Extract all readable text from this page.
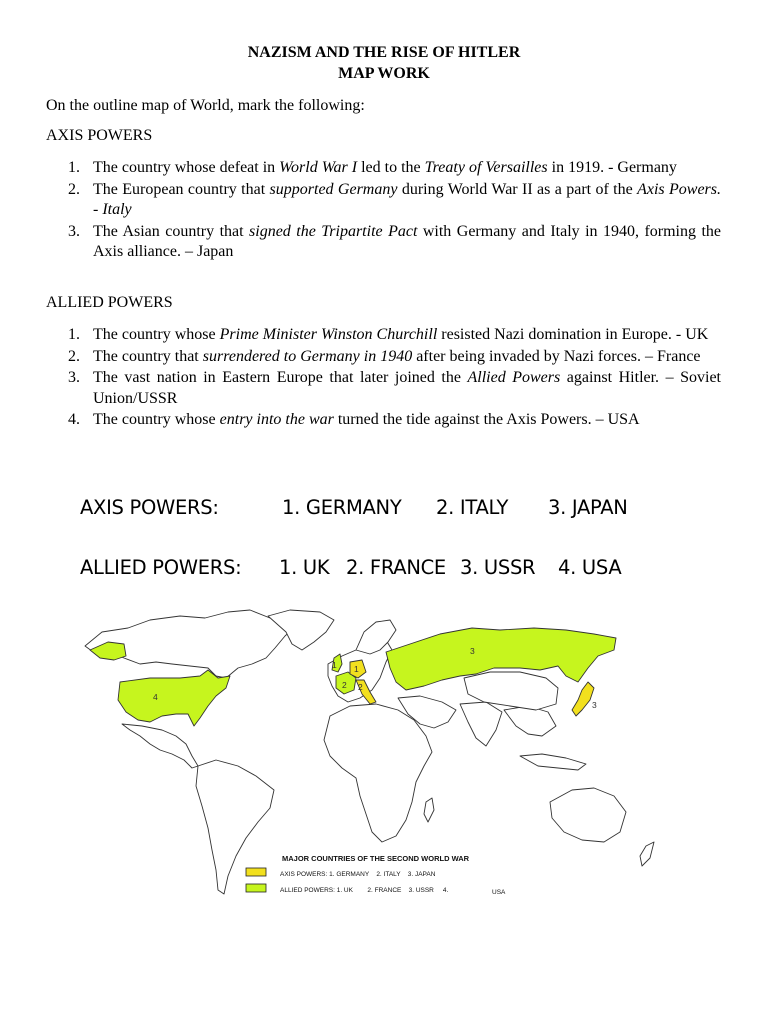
NAZISM AND THE RISE OF HITLER
MAP WORK
On the outline map of World, mark the following:
AXIS POWERS
1. The country whose defeat in World War I led to the Treaty of Versailles in 1919. - Germany
2. The European country that supported Germany during World War II as a part of the Axis Powers. - Italy
3. The Asian country that signed the Tripartite Pact with Germany and Italy in 1940, forming the Axis alliance. – Japan
ALLIED POWERS
1. The country whose Prime Minister Winston Churchill resisted Nazi domination in Europe. - UK
2. The country that surrendered to Germany in 1940 after being invaded by Nazi forces. – France
3. The vast nation in Eastern Europe that later joined the Allied Powers against Hitler. – Soviet Union/USSR
4. The country whose entry into the war turned the tide against the Axis Powers. – USA
AXIS POWERS:	1. GERMANY 2. ITALY 3. JAPAN
ALLIED POWERS: 1. UK 2. FRANCE 3. USSR 4. USA
4
3
1
2
1
2
3
MAJOR COUNTRIES OF THE SECOND WORLD WAR
AXIS POWERS: 1. GERMANY    2. ITALY    3. JAPAN
ALLIED POWERS: 1. UK        2. FRANCE    3. USSR     4.	USA
